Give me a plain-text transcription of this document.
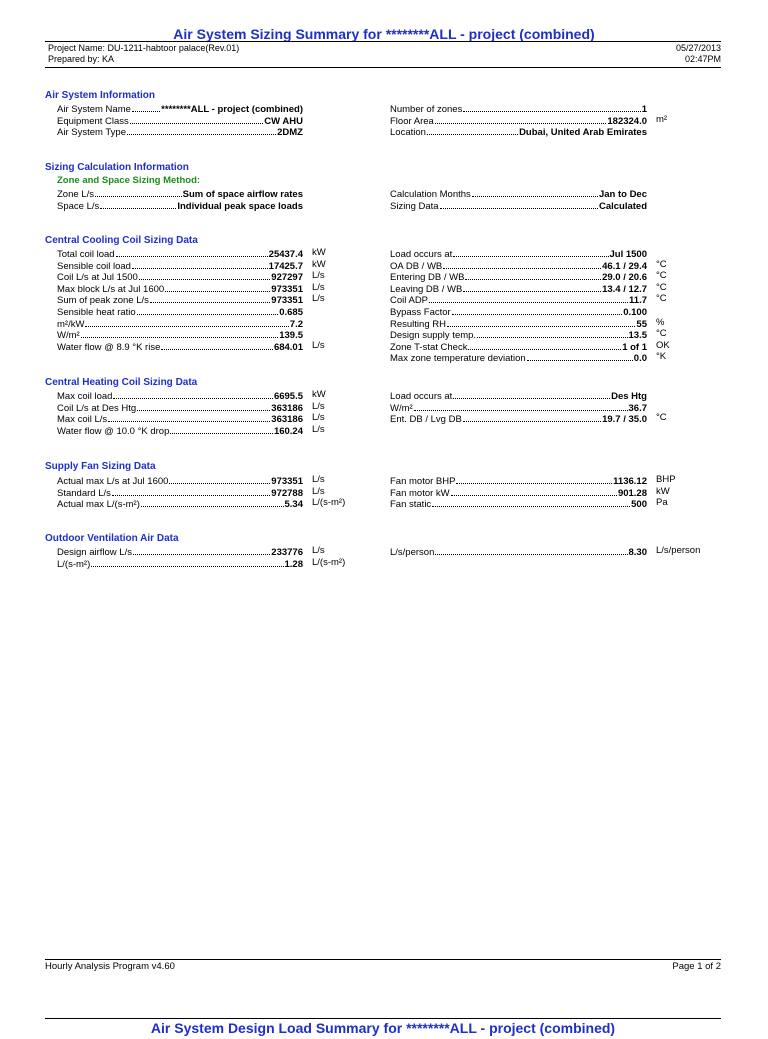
Air System Sizing Summary for ********ALL - project (combined)
Project Name: DU-1211-habtoor palace(Rev.01)
Prepared by: KA
05/27/2013
02:47PM
Air System Information
Sizing Calculation Information
Zone and Space Sizing Method:
Central Cooling Coil Sizing Data
Central Heating Coil Sizing Data
Supply Fan Sizing Data
Outdoor Ventilation Air Data
Hourly Analysis Program v4.60	Page 1 of 2
Air System Design Load Summary for ********ALL - project (combined)
Air System Name	********ALL - project (combined)
Equipment Class	CW AHU
Air System Type	2DMZ
Number of zones	1
Floor Area	182324.0 m²
Location	Dubai, United Arab Emirates
Zone L/s	Sum of space airflow rates
Space L/s	Individual peak space loads
Calculation Months	Jan to Dec
Sizing Data	Calculated
Total coil load	25437.4 kW
Sensible coil load	17425.7 kW
Coil L/s at Jul 1500	927297 L/s
Max block L/s at Jul 1600	973351 L/s
Sum of peak zone L/s	973351 L/s
Sensible heat ratio	0.685
m²/kW	7.2
W/m²	139.5
Water flow @ 8.9 °K rise	684.01 L/s
Load occurs at	Jul 1500
OA DB / WB	46.1 / 29.4 °C
Entering DB / WB	29.0 / 20.6 °C
Leaving DB / WB	13.4 / 12.7 °C
Coil ADP	11.7 °C
Bypass Factor	0.100
Resulting RH	55 %
Design supply temp.	13.5 °C
Zone T-stat Check	1 of 1 OK
Max zone temperature deviation	0.0 °K
Max coil load	6695.5 kW
Coil L/s at Des Htg	363186 L/s
Max coil L/s	363186 L/s
Water flow @ 10.0 °K drop	160.24 L/s
Load occurs at	Des Htg
W/m²	36.7
Ent. DB / Lvg DB	19.7 / 35.0 °C
Actual max L/s at Jul 1600	973351 L/s
Standard L/s	972788 L/s
Actual max L/(s-m²)	5.34 L/(s-m²)
Fan motor BHP	1136.12 BHP
Fan motor kW	901.28 kW
Fan static	500 Pa
Design airflow L/s	233776 L/s
L/(s-m²)	1.28 L/(s-m²)
L/s/person	8.30 L/s/person
